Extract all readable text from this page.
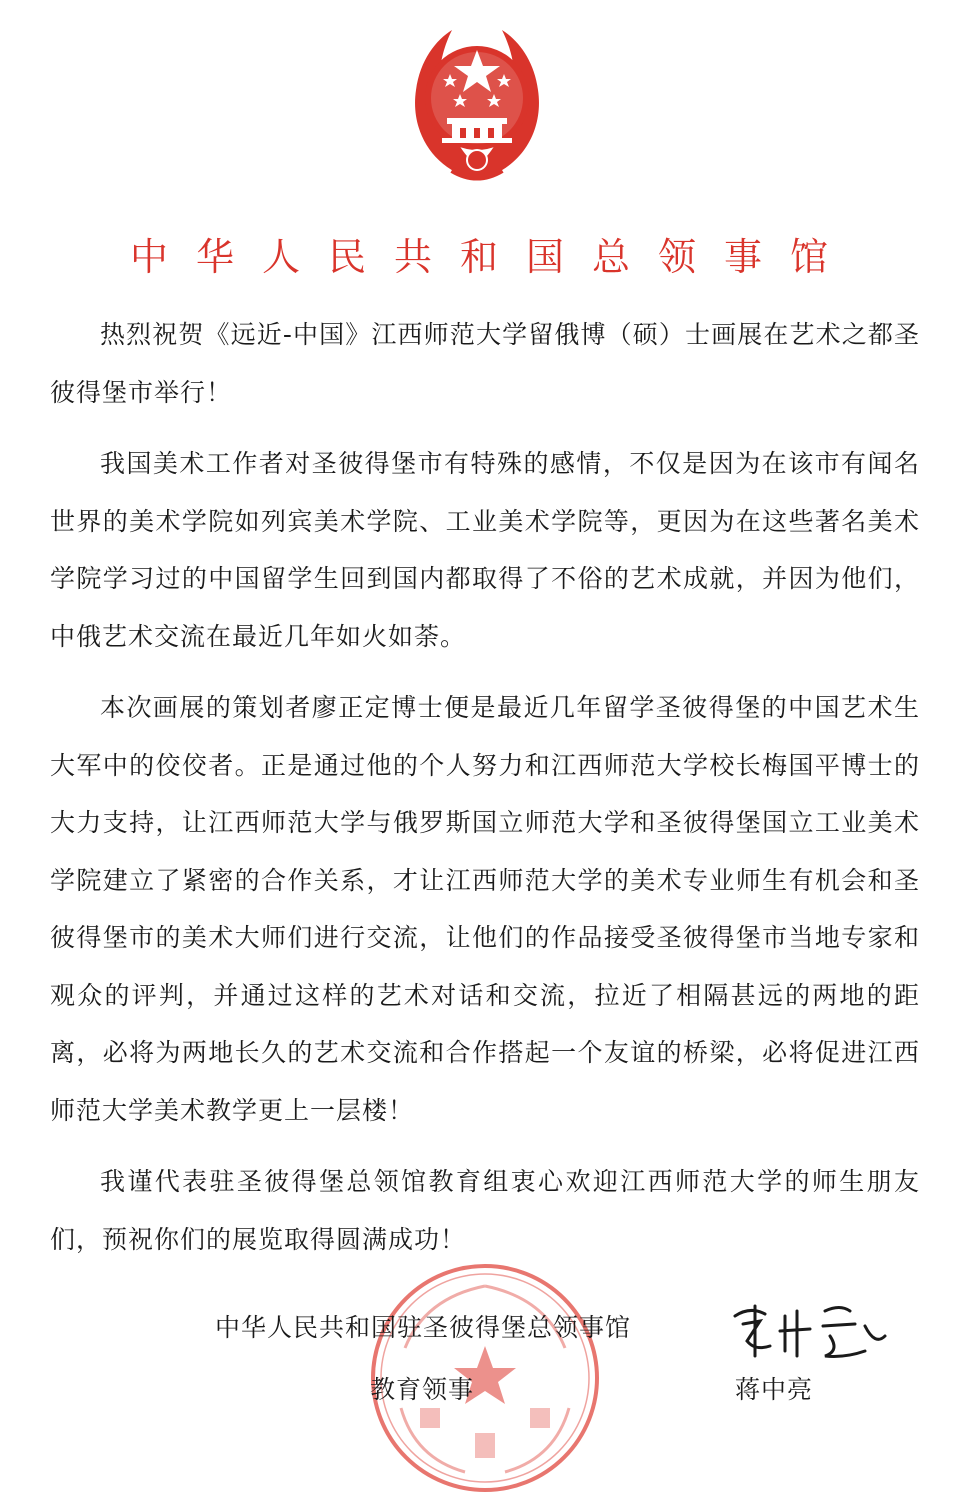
中华人民共和国总领事馆

热烈祝贺《远近-中国》江西师范大学留俄博（硕）士画展在艺术之都圣彼得堡市举行！

我国美术工作者对圣彼得堡市有特殊的感情，不仅是因为在该市有闻名世界的美术学院如列宾美术学院、工业美术学院等，更因为在这些著名美术学院学习过的中国留学生回到国内都取得了不俗的艺术成就，并因为他们，中俄艺术交流在最近几年如火如荼。

本次画展的策划者廖正定博士便是最近几年留学圣彼得堡的中国艺术生大军中的佼佼者。正是通过他的个人努力和江西师范大学校长梅国平博士的大力支持，让江西师范大学与俄罗斯国立师范大学和圣彼得堡国立工业美术学院建立了紧密的合作关系，才让江西师范大学的美术专业师生有机会和圣彼得堡市的美术大师们进行交流，让他们的作品接受圣彼得堡市当地专家和观众的评判，并通过这样的艺术对话和交流，拉近了相隔甚远的两地的距离，必将为两地长久的艺术交流和合作搭起一个友谊的桥梁，必将促进江西师范大学美术教学更上一层楼！

我谨代表驻圣彼得堡总领馆教育组衷心欢迎江西师范大学的师生朋友们，预祝你们的展览取得圆满成功！

中华人民共和国驻圣彼得堡总领事馆
教育领事	蒋中亮
